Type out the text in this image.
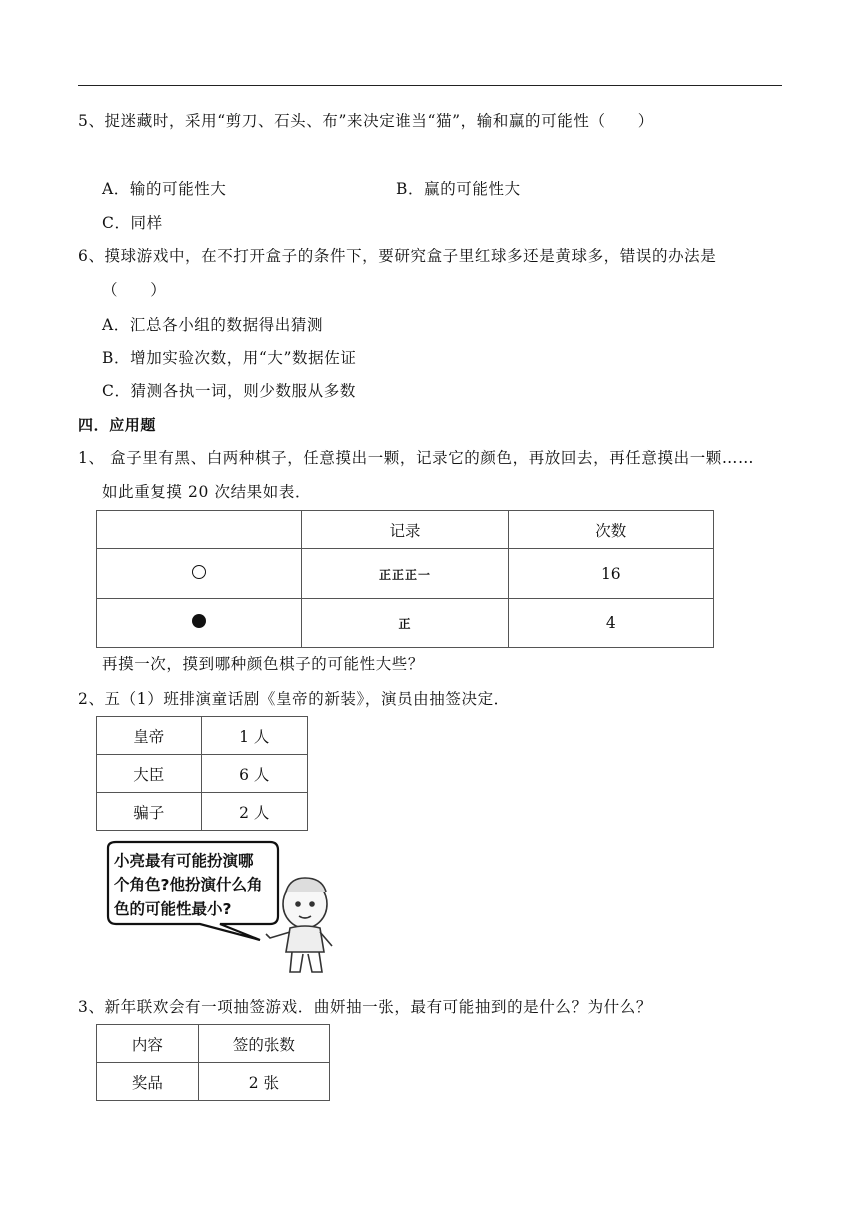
5、捉迷藏时，采用“剪刀、石头、布”来决定谁当“猫”，输和赢的可能性（　　）
A．输的可能性大	B．赢的可能性大
C．同样
6、摸球游戏中，在不打开盒子的条件下，要研究盒子里红球多还是黄球多，错误的办法是
（　　）
A．汇总各小组的数据得出猜测
B．增加实验次数，用“大”数据佐证
C．猜测各执一词，则少数服从多数
四．应用题
1、 盒子里有黑、白两种棋子，任意摸出一颗，记录它的颜色，再放回去，再任意摸出一颗……
如此重复摸 20 次结果如表．
	记录	次数
	正正正一	16
	正	4
再摸一次，摸到哪种颜色棋子的可能性大些？
2、五（1）班排演童话剧《皇帝的新装》，演员由抽签决定．
皇帝	1 人
大臣	6 人
骗子	2 人
小亮最有可能扮演哪
个角色?他扮演什么角
色的可能性最小?
3、新年联欢会有一项抽签游戏．曲妍抽一张，最有可能抽到的是什么？为什么？
内容	签的张数
奖品	2 张
